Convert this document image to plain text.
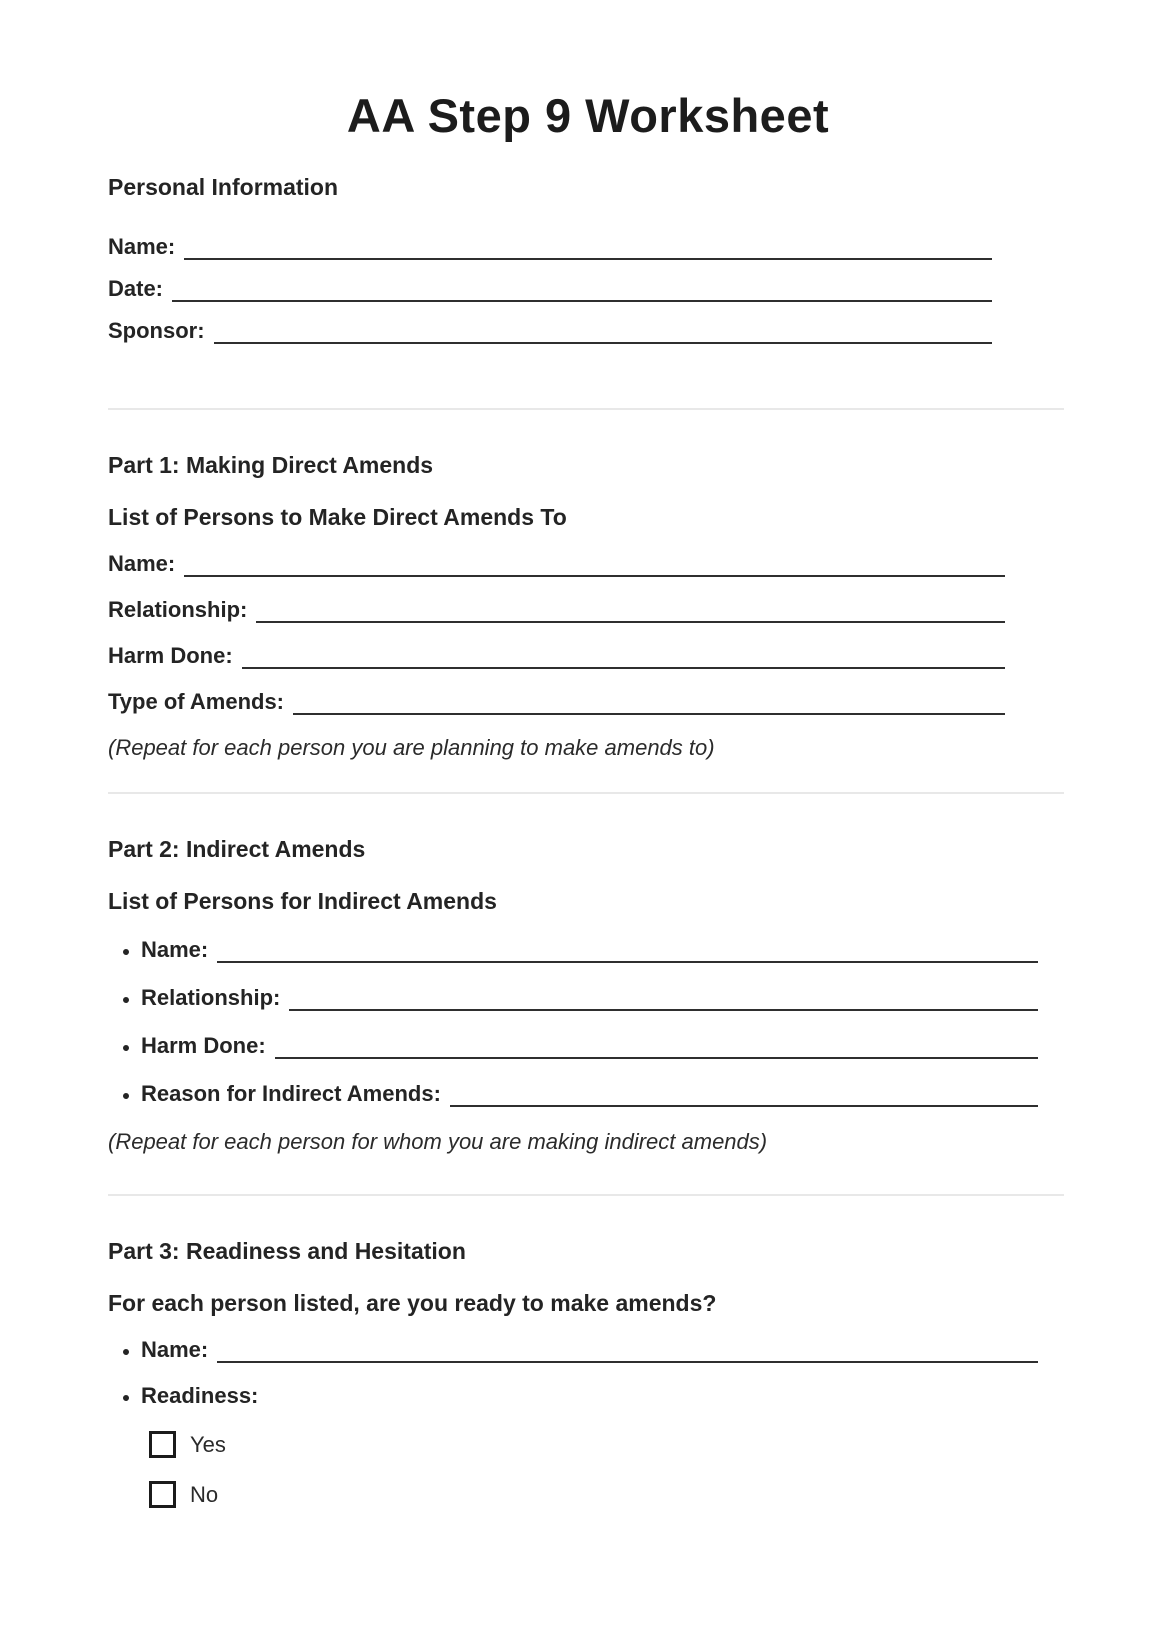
AA Step 9 Worksheet
Personal Information
Name:
Date:
Sponsor:
Part 1: Making Direct Amends
List of Persons to Make Direct Amends To
Name:
Relationship:
Harm Done:
Type of Amends:

(Repeat for each person you are planning to make amends to)

Part 2: Indirect Amends
List of Persons for Indirect Amends
• Name:
• Relationship:
• Harm Done:
• Reason for Indirect Amends:

(Repeat for each person for whom you are making indirect amends)

Part 3: Readiness and Hesitation
For each person listed, are you ready to make amends?
• Name:
• Readiness:
Yes
No
